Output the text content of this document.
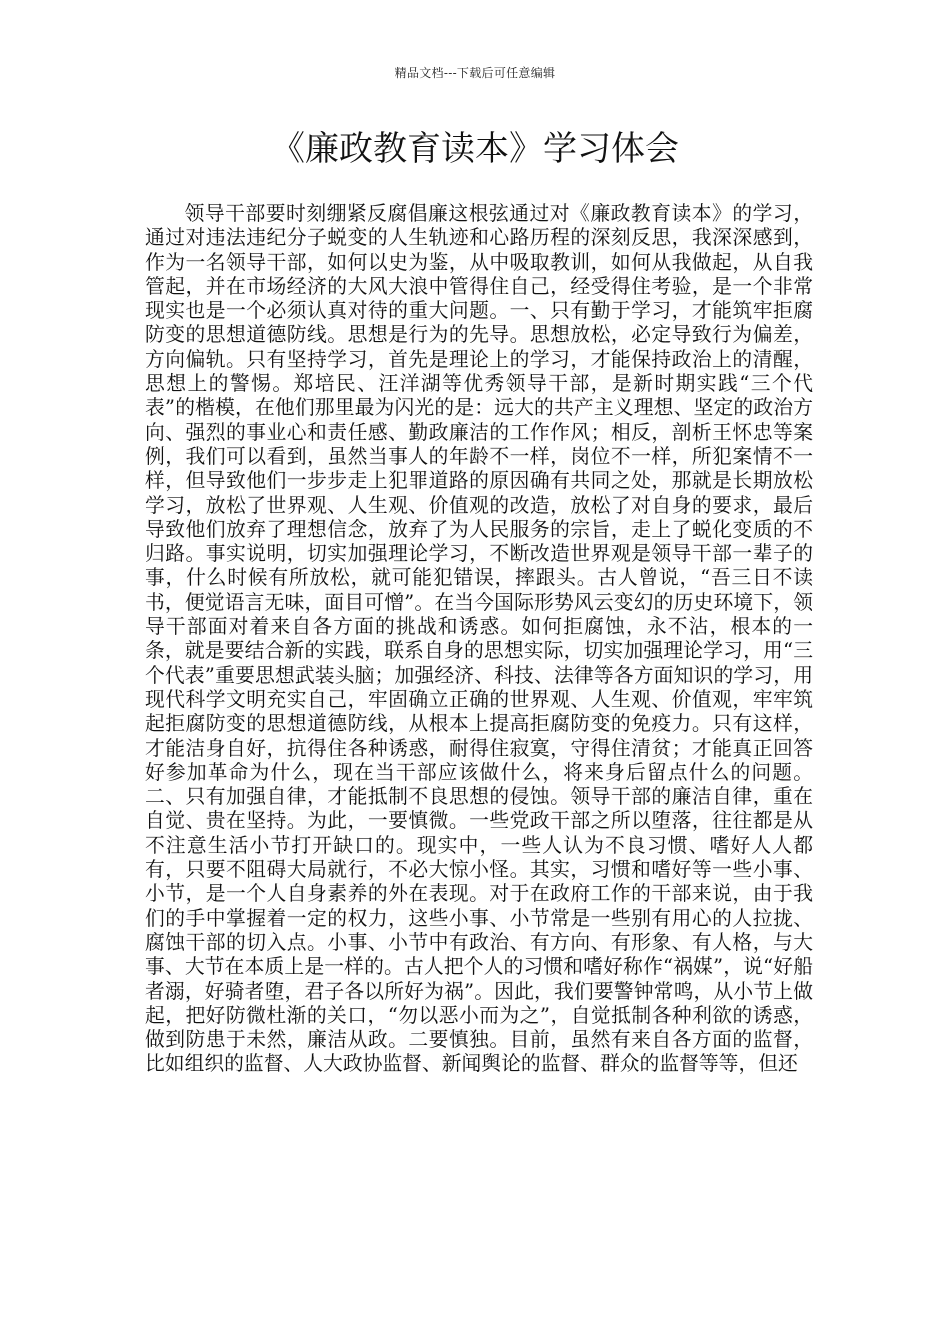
精品文档---下载后可任意编辑
《廉政教育读本》学习体会

领导干部要时刻绷紧反腐倡廉这根弦通过对《廉政教育读本》的学习，通过对违法违纪分子蜕变的人生轨迹和心路历程的深刻反思，我深深感到，作为一名领导干部，如何以史为鉴，从中吸取教训，如何从我做起，从自我管起，并在市场经济的大风大浪中管得住自己，经受得住考验，是一个非常现实也是一个必须认真对待的重大问题。一、只有勤于学习，才能筑牢拒腐防变的思想道德防线。思想是行为的先导。思想放松，必定导致行为偏差，方向偏轨。只有坚持学习，首先是理论上的学习，才能保持政治上的清醒，思想上的警惕。郑培民、汪洋湖等优秀领导干部，是新时期实践“三个代表”的楷模，在他们那里最为闪光的是：远大的共产主义理想、坚定的政治方向、强烈的事业心和责任感、勤政廉洁的工作作风；相反，剖析王怀忠等案例，我们可以看到，虽然当事人的年龄不一样，岗位不一样，所犯案情不一样，但导致他们一步步走上犯罪道路的原因确有共同之处，那就是长期放松学习，放松了世界观、人生观、价值观的改造，放松了对自身的要求，最后导致他们放弃了理想信念，放弃了为人民服务的宗旨，走上了蜕化变质的不归路。事实说明，切实加强理论学习，不断改造世界观是领导干部一辈子的事，什么时候有所放松，就可能犯错误，摔跟头。古人曾说，“吾三日不读书，便觉语言无味，面目可憎”。在当今国际形势风云变幻的历史环境下，领导干部面对着来自各方面的挑战和诱惑。如何拒腐蚀，永不沾，根本的一条，就是要结合新的实践，联系自身的思想实际，切实加强理论学习，用“三个代表”重要思想武装头脑；加强经济、科技、法律等各方面知识的学习，用现代科学文明充实自己，牢固确立正确的世界观、人生观、价值观，牢牢筑起拒腐防变的思想道德防线，从根本上提高拒腐防变的免疫力。只有这样，才能洁身自好，抗得住各种诱惑，耐得住寂寞，守得住清贫；才能真正回答好参加革命为什么，现在当干部应该做什么，将来身后留点什么的问题。二、只有加强自律，才能抵制不良思想的侵蚀。领导干部的廉洁自律，重在自觉、贵在坚持。为此，一要慎微。一些党政干部之所以堕落，往往都是从不注意生活小节打开缺口的。现实中，一些人认为不良习惯、嗜好人人都有，只要不阻碍大局就行，不必大惊小怪。其实，习惯和嗜好等一些小事、小节，是一个人自身素养的外在表现。对于在政府工作的干部来说，由于我们的手中掌握着一定的权力，这些小事、小节常是一些别有用心的人拉拢、腐蚀干部的切入点。小事、小节中有政治、有方向、有形象、有人格，与大事、大节在本质上是一样的。古人把个人的习惯和嗜好称作“祸媒”，说“好船者溺，好骑者堕，君子各以所好为祸”。因此，我们要警钟常鸣，从小节上做起，把好防微杜渐的关口，“勿以恶小而为之”，自觉抵制各种利欲的诱惑，做到防患于未然，廉洁从政。二要慎独。目前，虽然有来自各方面的监督，比如组织的监督、人大政协监督、新闻舆论的监督、群众的监督等等，但还
